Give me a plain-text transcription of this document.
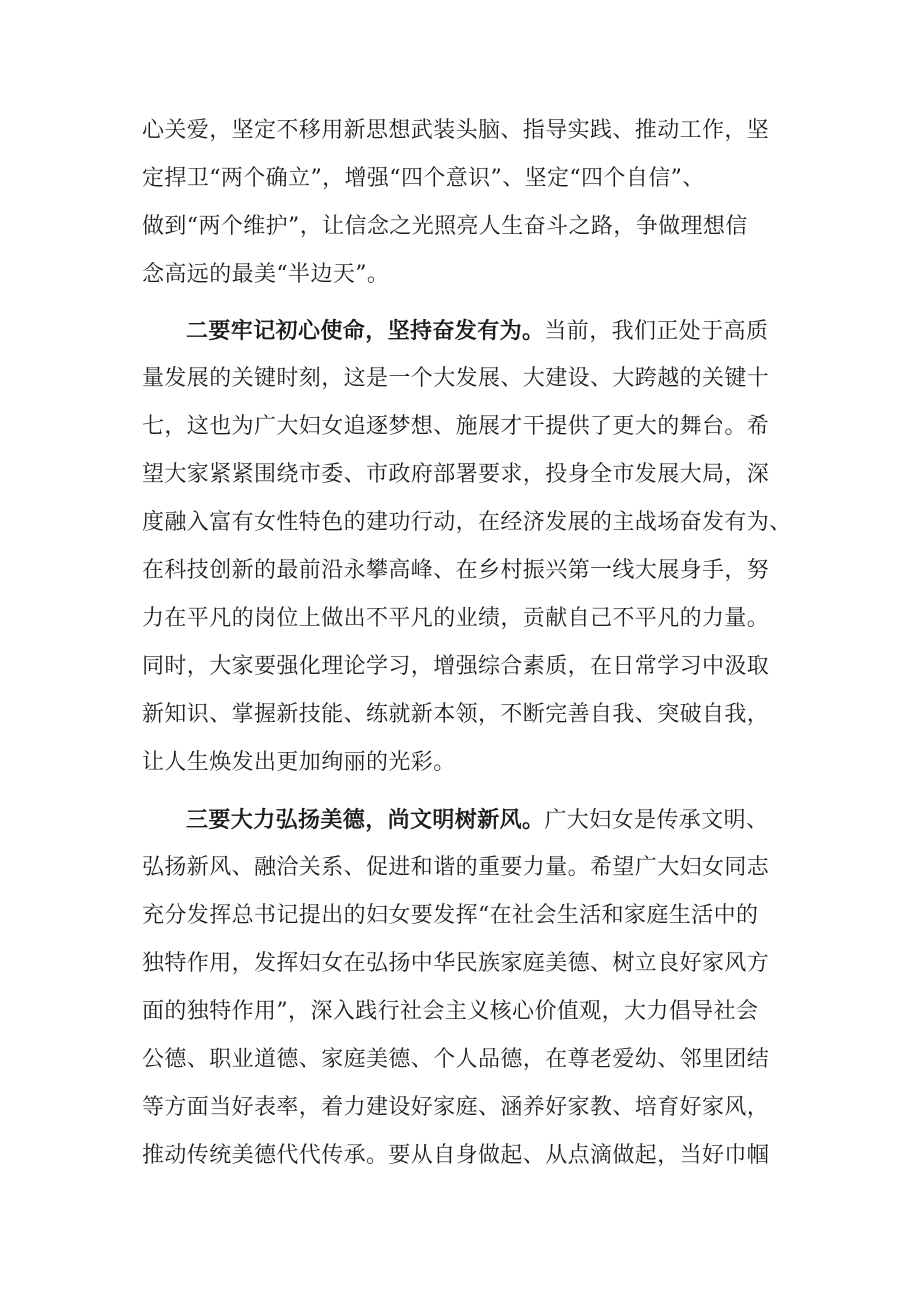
心关爱，坚定不移用新思想武装头脑、指导实践、推动工作，坚
定捍卫“两个确立”，增强“四个意识”、坚定“四个自信”、
做到“两个维护”，让信念之光照亮人生奋斗之路，争做理想信
念高远的最美“半边天”。
二要牢记初心使命，坚持奋发有为。当前，我们正处于高质
量发展的关键时刻，这是一个大发展、大建设、大跨越的关键十
七，这也为广大妇女追逐梦想、施展才干提供了更大的舞台。希
望大家紧紧围绕市委、市政府部署要求，投身全市发展大局，深
度融入富有女性特色的建功行动，在经济发展的主战场奋发有为、
在科技创新的最前沿永攀高峰、在乡村振兴第一线大展身手，努
力在平凡的岗位上做出不平凡的业绩，贡献自己不平凡的力量。
同时，大家要强化理论学习，增强综合素质，在日常学习中汲取
新知识、掌握新技能、练就新本领，不断完善自我、突破自我，
让人生焕发出更加绚丽的光彩。
三要大力弘扬美德，尚文明树新风。广大妇女是传承文明、
弘扬新风、融洽关系、促进和谐的重要力量。希望广大妇女同志
充分发挥总书记提出的妇女要发挥“在社会生活和家庭生活中的
独特作用，发挥妇女在弘扬中华民族家庭美德、树立良好家风方
面的独特作用”，深入践行社会主义核心价值观，大力倡导社会
公德、职业道德、家庭美德、个人品德，在尊老爱幼、邻里团结
等方面当好表率，着力建设好家庭、涵养好家教、培育好家风，
推动传统美德代代传承。要从自身做起、从点滴做起，当好巾帼
